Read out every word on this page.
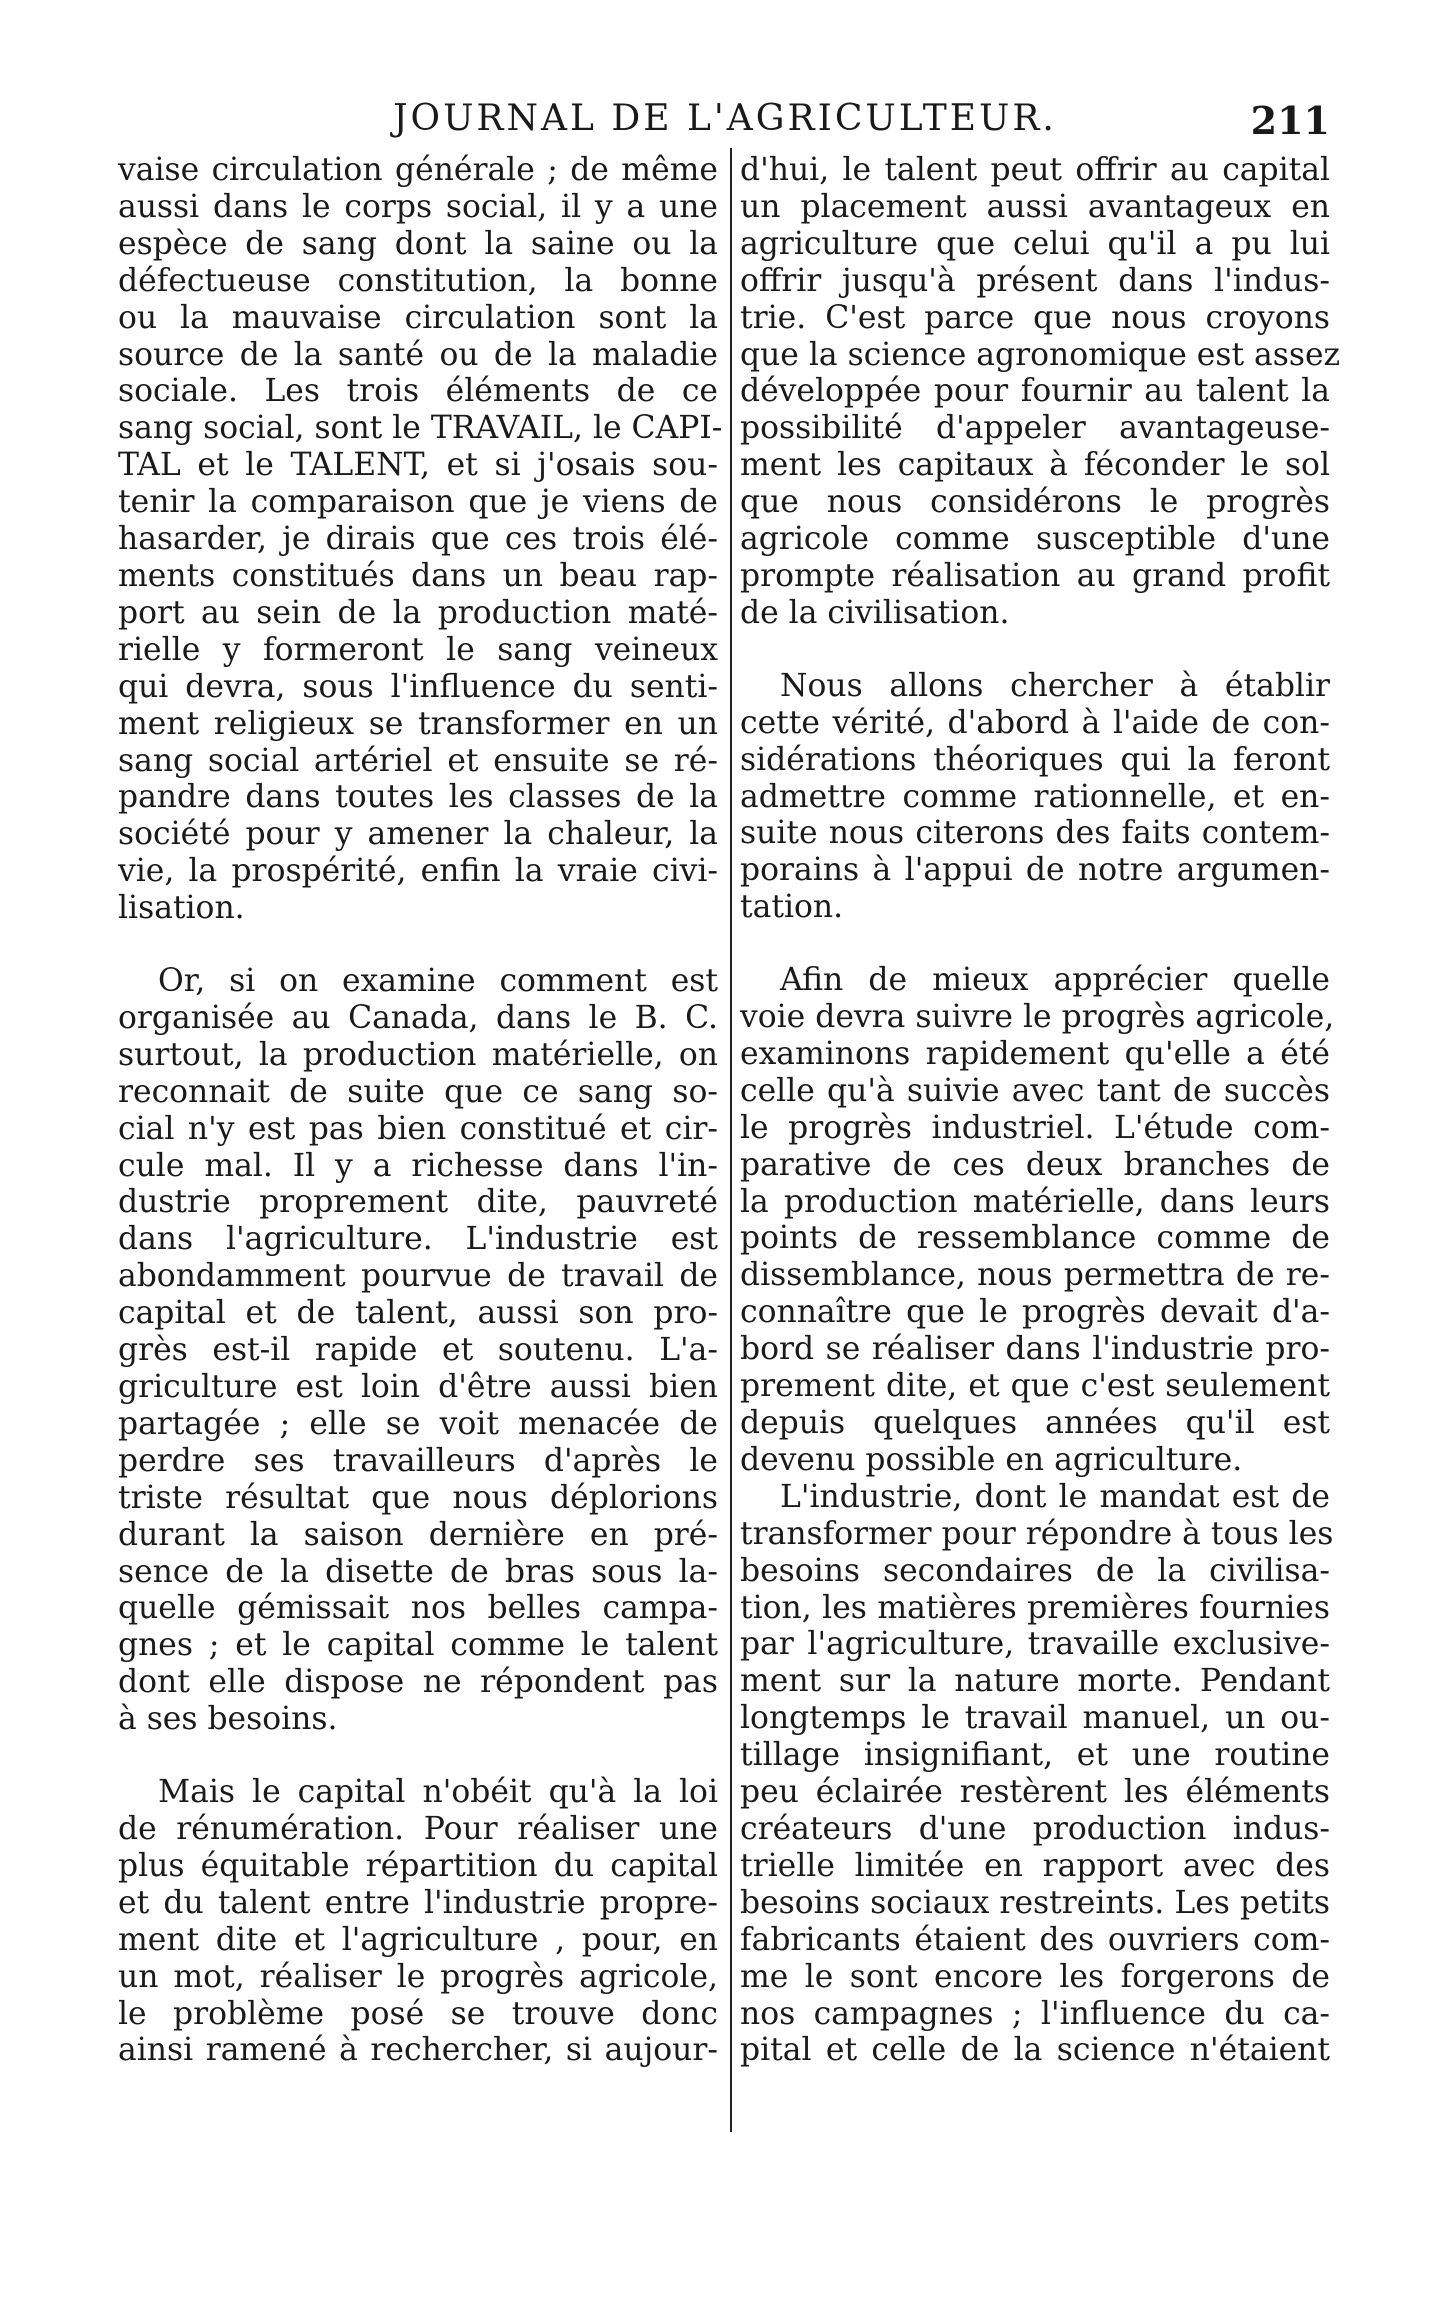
JOURNAL DE L'AGRICULTEUR.	211
vaise circulation générale ; de même
aussi dans le corps social, il y a une
espèce de sang dont la saine ou la
défectueuse constitution, la bonne
ou la mauvaise circulation sont la
source de la santé ou de la maladie
sociale. Les trois éléments de ce
sang social, sont le TRAVAIL, le CAPI-
TAL et le TALENT, et si j'osais sou-
tenir la comparaison que je viens de
hasarder, je dirais que ces trois élé-
ments constitués dans un beau rap-
port au sein de la production maté-
rielle y formeront le sang veineux
qui devra, sous l'influence du senti-
ment religieux se transformer en un
sang social artériel et ensuite se ré-
pandre dans toutes les classes de la
société pour y amener la chaleur, la
vie, la prospérité, enfin la vraie civi-
lisation.
Or, si on examine comment est
organisée au Canada, dans le B. C.
surtout, la production matérielle, on
reconnait de suite que ce sang so-
cial n'y est pas bien constitué et cir-
cule mal. Il y a richesse dans l'in-
dustrie proprement dite, pauvreté
dans l'agriculture. L'industrie est
abondamment pourvue de travail de
capital et de talent, aussi son pro-
grès est-il rapide et soutenu. L'a-
griculture est loin d'être aussi bien
partagée ; elle se voit menacée de
perdre ses travailleurs d'après le
triste résultat que nous déplorions
durant la saison dernière en pré-
sence de la disette de bras sous la-
quelle gémissait nos belles campa-
gnes ; et le capital comme le talent
dont elle dispose ne répondent pas
à ses besoins.
Mais le capital n'obéit qu'à la loi
de rénumération. Pour réaliser une
plus équitable répartition du capital
et du talent entre l'industrie propre-
ment dite et l'agriculture , pour, en
un mot, réaliser le progrès agricole,
le problème posé se trouve donc
ainsi ramené à rechercher, si aujour-
d'hui, le talent peut offrir au capital
un placement aussi avantageux en
agriculture que celui qu'il a pu lui
offrir jusqu'à présent dans l'indus-
trie. C'est parce que nous croyons
que la science agronomique est assez
développée pour fournir au talent la
possibilité d'appeler avantageuse-
ment les capitaux à féconder le sol
que nous considérons le progrès
agricole comme susceptible d'une
prompte réalisation au grand profit
de la civilisation.
Nous allons chercher à établir
cette vérité, d'abord à l'aide de con-
sidérations théoriques qui la feront
admettre comme rationnelle, et en-
suite nous citerons des faits contem-
porains à l'appui de notre argumen-
tation.
Afin de mieux apprécier quelle
voie devra suivre le progrès agricole,
examinons rapidement qu'elle a été
celle qu'à suivie avec tant de succès
le progrès industriel. L'étude com-
parative de ces deux branches de
la production matérielle, dans leurs
points de ressemblance comme de
dissemblance, nous permettra de re-
connaître que le progrès devait d'a-
bord se réaliser dans l'industrie pro-
prement dite, et que c'est seulement
depuis quelques années qu'il est
devenu possible en agriculture.
L'industrie, dont le mandat est de
transformer pour répondre à tous les
besoins secondaires de la civilisa-
tion, les matières premières fournies
par l'agriculture, travaille exclusive-
ment sur la nature morte. Pendant
longtemps le travail manuel, un ou-
tillage insignifiant, et une routine
peu éclairée restèrent les éléments
créateurs d'une production indus-
trielle limitée en rapport avec des
besoins sociaux restreints. Les petits
fabricants étaient des ouvriers com-
me le sont encore les forgerons de
nos campagnes ; l'influence du ca-
pital et celle de la science n'étaient
